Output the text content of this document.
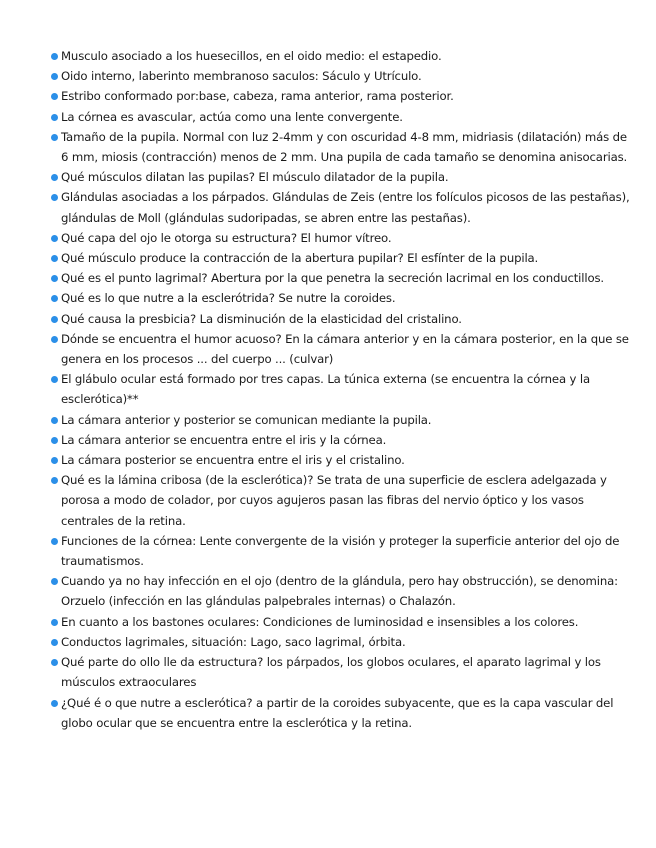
Musculo asociado a los huesecillos, en el oido medio: el estapedio.
Oido interno, laberinto membranoso saculos: Sáculo y Utrículo.
Estribo conformado por:base, cabeza, rama anterior, rama posterior.
La córnea es avascular, actúa como una lente convergente.
Tamaño de la pupila. Normal con luz 2-4mm y con oscuridad 4-8 mm, midriasis (dilatación) más de 6 mm, miosis (contracción) menos de 2 mm. Una pupila de cada tamaño se denomina anisocarias.
Qué músculos dilatan las pupilas? El músculo dilatador de la pupila.
Glándulas asociadas a los párpados. Glándulas de Zeis (entre los folículos picosos de las pestañas), glándulas de Moll (glándulas sudoripadas, se abren entre las pestañas).
Qué capa del ojo le otorga su estructura? El humor vítreo.
Qué músculo produce la contracción de la abertura pupilar? El esfínter de la pupila.
Qué es el punto lagrimal? Abertura por la que penetra la secreción lacrimal en los conductillos.
Qué es lo que nutre a la esclerótrida? Se nutre la coroides.
Qué causa la presbicia? La disminución de la elasticidad del cristalino.
Dónde se encuentra el humor acuoso? En la cámara anterior y en la cámara posterior, en la que se genera en los procesos ... del cuerpo ... (culvar)
El glábulo ocular está formado por tres capas. La túnica externa (se encuentra la córnea y la esclerótica)**
La cámara anterior y posterior se comunican mediante la pupila.
La cámara anterior se encuentra entre el iris y la córnea.
La cámara posterior se encuentra entre el iris y el cristalino.
Qué es la lámina cribosa (de la esclerótica)? Se trata de una superficie de esclera adelgazada y porosa a modo de colador, por cuyos agujeros pasan las fibras del nervio óptico y los vasos centrales de la retina.
Funciones de la córnea: Lente convergente de la visión y proteger la superficie anterior del ojo de traumatismos.
Cuando ya no hay infección en el ojo (dentro de la glándula, pero hay obstrucción), se denomina: Orzuelo (infección en las glándulas palpebrales internas) o Chalazón.
En cuanto a los bastones oculares: Condiciones de luminosidad e insensibles a los colores.
Conductos lagrimales, situación: Lago, saco lagrimal, órbita.
Qué parte do ollo lle da estructura? los párpados, los globos oculares, el aparato lagrimal y los músculos extraoculares
¿Qué é o que nutre a esclerótica? a partir de la coroides subyacente, que es la capa vascular del globo ocular que se encuentra entre la esclerótica y la retina.
